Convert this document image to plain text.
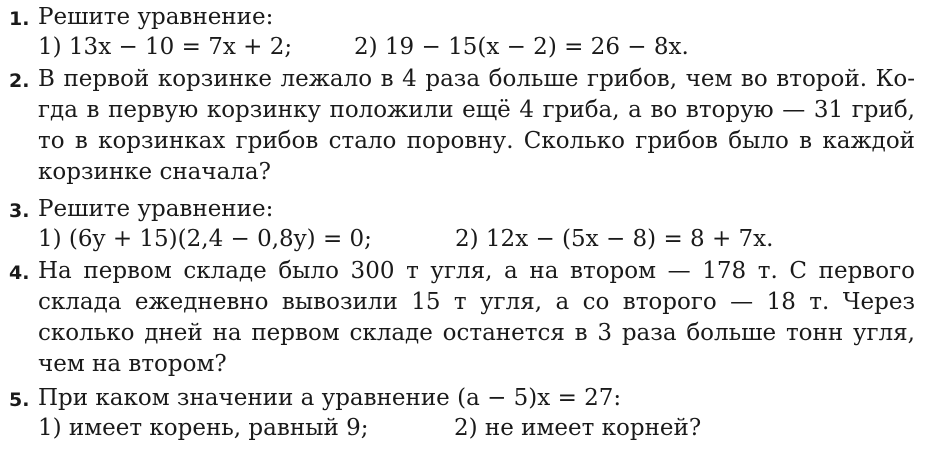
1. Решите уравнение:
1) 13x − 10 = 7x + 2;	2) 19 − 15(x − 2) = 26 − 8x.
2. В первой корзинке лежало в 4 раза больше грибов, чем во второй. Ко-
гда в первую корзинку положили ещё 4 гриба, а во вторую — 31 гриб,
то в корзинках грибов стало поровну. Сколько грибов было в каждой
корзинке сначала?
3. Решите уравнение:
1) (6y + 15)(2,4 − 0,8y) = 0;	2) 12x − (5x − 8) = 8 + 7x.
4. На первом складе было 300 т угля, а на втором — 178 т. С первого
склада ежедневно вывозили 15 т угля, а со второго — 18 т. Через
сколько дней на первом складе останется в 3 раза больше тонн угля,
чем на втором?
5. При каком значении a уравнение (a − 5)x = 27:
1) имеет корень, равный 9;	2) не имеет корней?
